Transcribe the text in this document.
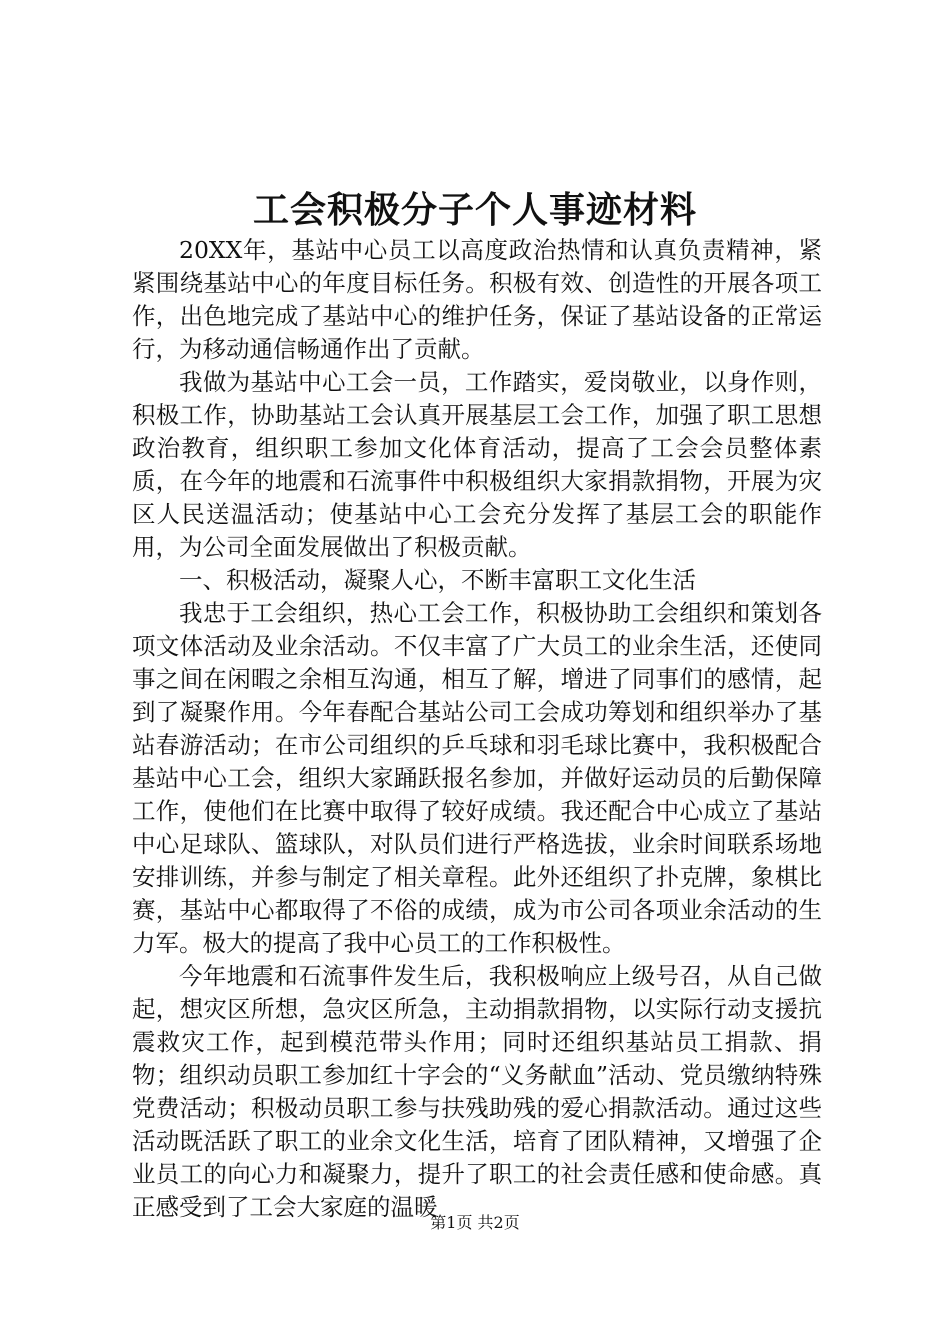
工会积极分子个人事迹材料

20XX年，基站中心员工以高度政治热情和认真负责精神，紧紧围绕基站中心的年度目标任务。积极有效、创造性的开展各项工作，出色地完成了基站中心的维护任务，保证了基站设备的正常运行，为移动通信畅通作出了贡献。

我做为基站中心工会一员，工作踏实，爱岗敬业，以身作则，积极工作，协助基站工会认真开展基层工会工作，加强了职工思想政治教育，组织职工参加文化体育活动，提高了工会会员整体素质，在今年的地震和石流事件中积极组织大家捐款捐物，开展为灾区人民送温活动；使基站中心工会充分发挥了基层工会的职能作用，为公司全面发展做出了积极贡献。

一、积极活动，凝聚人心，不断丰富职工文化生活

我忠于工会组织，热心工会工作，积极协助工会组织和策划各项文体活动及业余活动。不仅丰富了广大员工的业余生活，还使同事之间在闲暇之余相互沟通，相互了解，增进了同事们的感情，起到了凝聚作用。今年春配合基站公司工会成功筹划和组织举办了基站春游活动；在市公司组织的乒乓球和羽毛球比赛中，我积极配合基站中心工会，组织大家踊跃报名参加，并做好运动员的后勤保障工作，使他们在比赛中取得了较好成绩。我还配合中心成立了基站中心足球队、篮球队，对队员们进行严格选拔，业余时间联系场地安排训练，并参与制定了相关章程。此外还组织了扑克牌，象棋比赛，基站中心都取得了不俗的成绩，成为市公司各项业余活动的生力军。极大的提高了我中心员工的工作积极性。

今年地震和石流事件发生后，我积极响应上级号召，从自己做起，想灾区所想，急灾区所急，主动捐款捐物，以实际行动支援抗震救灾工作，起到模范带头作用；同时还组织基站员工捐款、捐物；组织动员职工参加红十字会的“义务献血”活动、党员缴纳特殊党费活动；积极动员职工参与扶残助残的爱心捐款活动。通过这些活动既活跃了职工的业余文化生活，培育了团队精神，又增强了企业员工的向心力和凝聚力，提升了职工的社会责任感和使命感。真正感受到了工会大家庭的温暖

第1页 共2页
